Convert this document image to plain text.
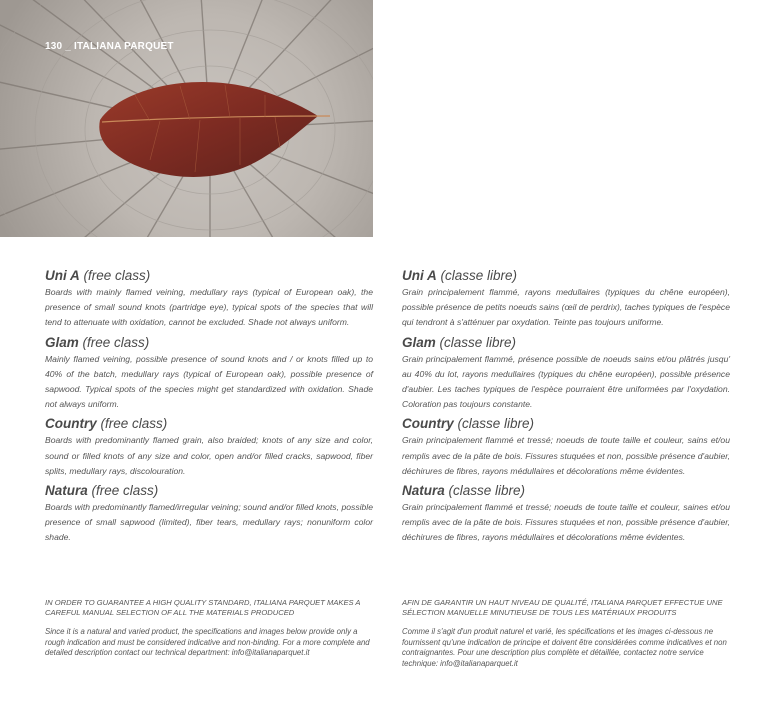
130 _ ITALIANA PARQUET
Uni A (free class)

Boards with mainly flamed veining, medullary rays (typical of European oak), the presence of small sound knots (partridge eye), typical spots of the species that will tend to attenuate with oxidation, cannot be excluded. Shade not always uniform.

Glam (free class)

Mainly flamed veining, possible presence of sound knots and / or knots filled up to 40% of the batch, medullary rays (typical of European oak), possible presence of sapwood. Typical spots of the species might get standardized with oxidation. Shade not always uniform.

Country (free class)

Boards with predominantly flamed grain, also braided; knots of any size and color, sound or filled knots of any size and color, open and/or filled cracks, sapwood, fiber splits, medullary rays, discolouration.

Natura (free class)

Boards with predominantly flamed/irregular veining; sound and/or filled knots, possible presence of small sapwood (limited), fiber tears, medullary rays; nonuniform color shade.

Uni A (classe libre)

Grain principalement flammé, rayons medullaires (typiques du chêne européen), possible présence de petits noeuds sains (œil de perdrix), taches typiques de l'espèce qui tendront à s'atténuer par oxydation. Teinte pas toujours uniforme.

Glam (classe libre)

Grain principalement flammé, présence possible de noeuds sains et/ou plâtrés jusqu' au 40% du lot, rayons medullaires (typiques du chêne européen), possible présence d'aubier. Les taches typiques de l'espèce pourraient être uniformées par l'oxydation. Coloration pas toujours constante.

Country (classe libre)

Grain principalement flammé et tressé; noeuds de toute taille et couleur, sains et/ou remplis avec de la pâte de bois. Fissures stuquées et non, possible présence d'aubier, déchirures de fibres, rayons médullaires et décolorations même évidentes.

Natura (classe libre)

Grain principalement flammé et tressé; noeuds de toute taille et couleur, saines et/ou remplis avec de la pâte de bois. Fissures stuquées et non, possible présence d'aubier, déchirures de fibres, rayons médullaires et décolorations même évidentes.

IN ORDER TO GUARANTEE A HIGH QUALITY STANDARD, ITALIANA PARQUET MAKES A CAREFUL MANUAL SELECTION OF ALL THE MATERIALS PRODUCED
Since it is a natural and varied product, the specifications and images below provide only a rough indication and must be considered indicative and non-binding. For a more complete and detailed description contact our technical department: info@italianaparquet.it
AFIN DE GARANTIR UN HAUT NIVEAU DE QUALITÉ, ITALIANA PARQUET EFFECTUE UNE SÉLECTION MANUELLE MINUTIEUSE DE TOUS LES MATÉRIAUX PRODUITS
Comme il s'agit d'un produit naturel et varié, les spécifications et les images ci-dessous ne fournissent qu'une indication de principe et doivent être considérées comme indicatives et non contraignantes. Pour une description plus complète et détaillée, contactez notre service technique: info@italianaparquet.it
